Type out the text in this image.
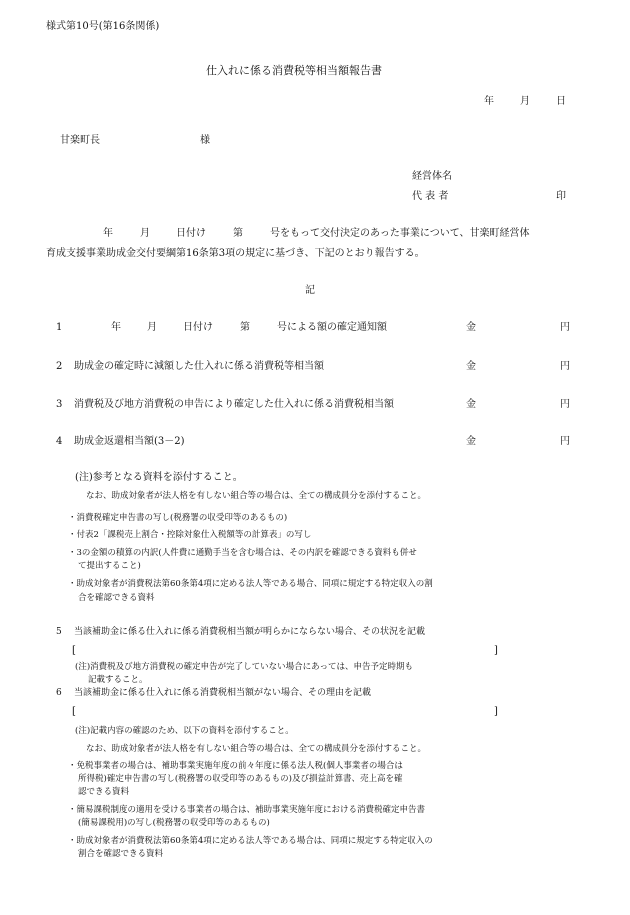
様式第10号(第16条関係)
仕入れに係る消費税等相当額報告書
年	月	日
甘楽町長	様
経営体名
代 表 者	印
年	月	日付け	第	号をもって交付決定のあった事業について、甘楽町経営体
育成支援事業助成金交付要綱第16条第3項の規定に基づき、下記のとおり報告する。
記
1	年	月	日付け	第	号による額の確定通知額	金	円
2 助成金の確定時に減額した仕入れに係る消費税等相当額	金	円
3 消費税及び地方消費税の申告により確定した仕入れに係る消費税相当額	金	円
4 助成金返還相当額(3－2)	金	円
(注)参考となる資料を添付すること。
なお、助成対象者が法人格を有しない組合等の場合は、全ての構成員分を添付すること。
・消費税確定申告書の写し(税務署の収受印等のあるもの)
・付表2「課税売上割合・控除対象仕入税額等の計算表」の写し
・3の金額の積算の内訳(人件費に通勤手当を含む場合は、その内訳を確認できる資料も併せ
て提出すること)
・助成対象者が消費税法第60条第4項に定める法人等である場合、同項に規定する特定収入の割
合を確認できる資料
5 当該補助金に係る仕入れに係る消費税相当額が明らかにならない場合、その状況を記載
[	]
(注)消費税及び地方消費税の確定申告が完了していない場合にあっては、申告予定時期も
記載すること。
6 当該補助金に係る仕入れに係る消費税相当額がない場合、その理由を記載
[	]
(注)記載内容の確認のため、以下の資料を添付すること。
なお、助成対象者が法人格を有しない組合等の場合は、全ての構成員分を添付すること。
・免税事業者の場合は、補助事業実施年度の前々年度に係る法人税(個人事業者の場合は
所得税)確定申告書の写し(税務署の収受印等のあるもの)及び損益計算書、売上高を確
認できる資料
・簡易課税制度の適用を受ける事業者の場合は、補助事業実施年度における消費税確定申告書
(簡易課税用)の写し(税務署の収受印等のあるもの)
・助成対象者が消費税法第60条第4項に定める法人等である場合は、同項に規定する特定収入の
割合を確認できる資料
